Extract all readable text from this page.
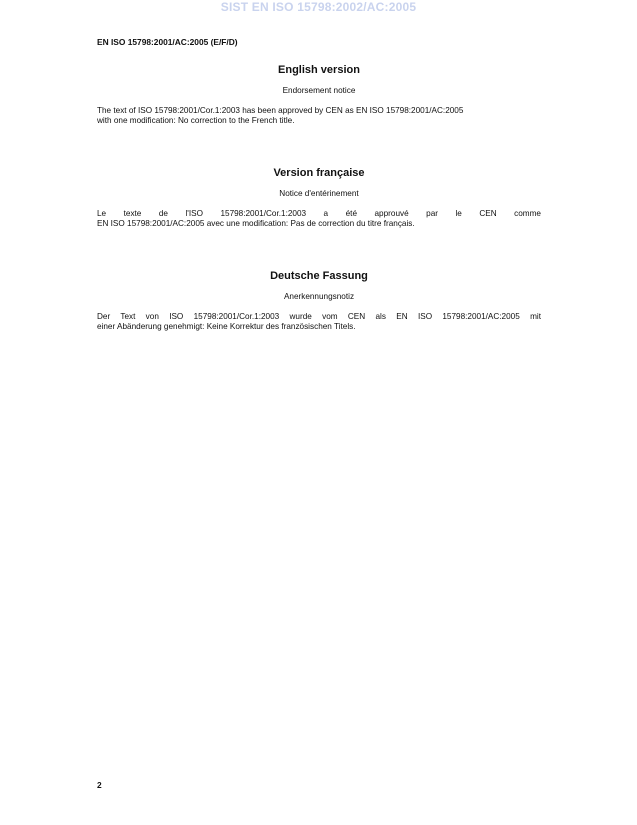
SIST EN ISO 15798:2002/AC:2005
EN ISO 15798:2001/AC:2005 (E/F/D)

English version

Endorsement notice

The text of ISO 15798:2001/Cor.1:2003 has been approved by CEN as EN ISO 15798:2001/AC:2005
with one modification: No correction to the French title.

Version française

Notice d'entérinement

Le texte de l'ISO 15798:2001/Cor.1:2003 a été approuvé par le CEN comme
EN ISO 15798:2001/AC:2005 avec une modification: Pas de correction du titre français.

Deutsche Fassung

Anerkennungsnotiz

Der Text von ISO 15798:2001/Cor.1:2003 wurde vom CEN als EN ISO 15798:2001/AC:2005 mit
einer Abänderung genehmigt: Keine Korrektur des französischen Titels.

2
